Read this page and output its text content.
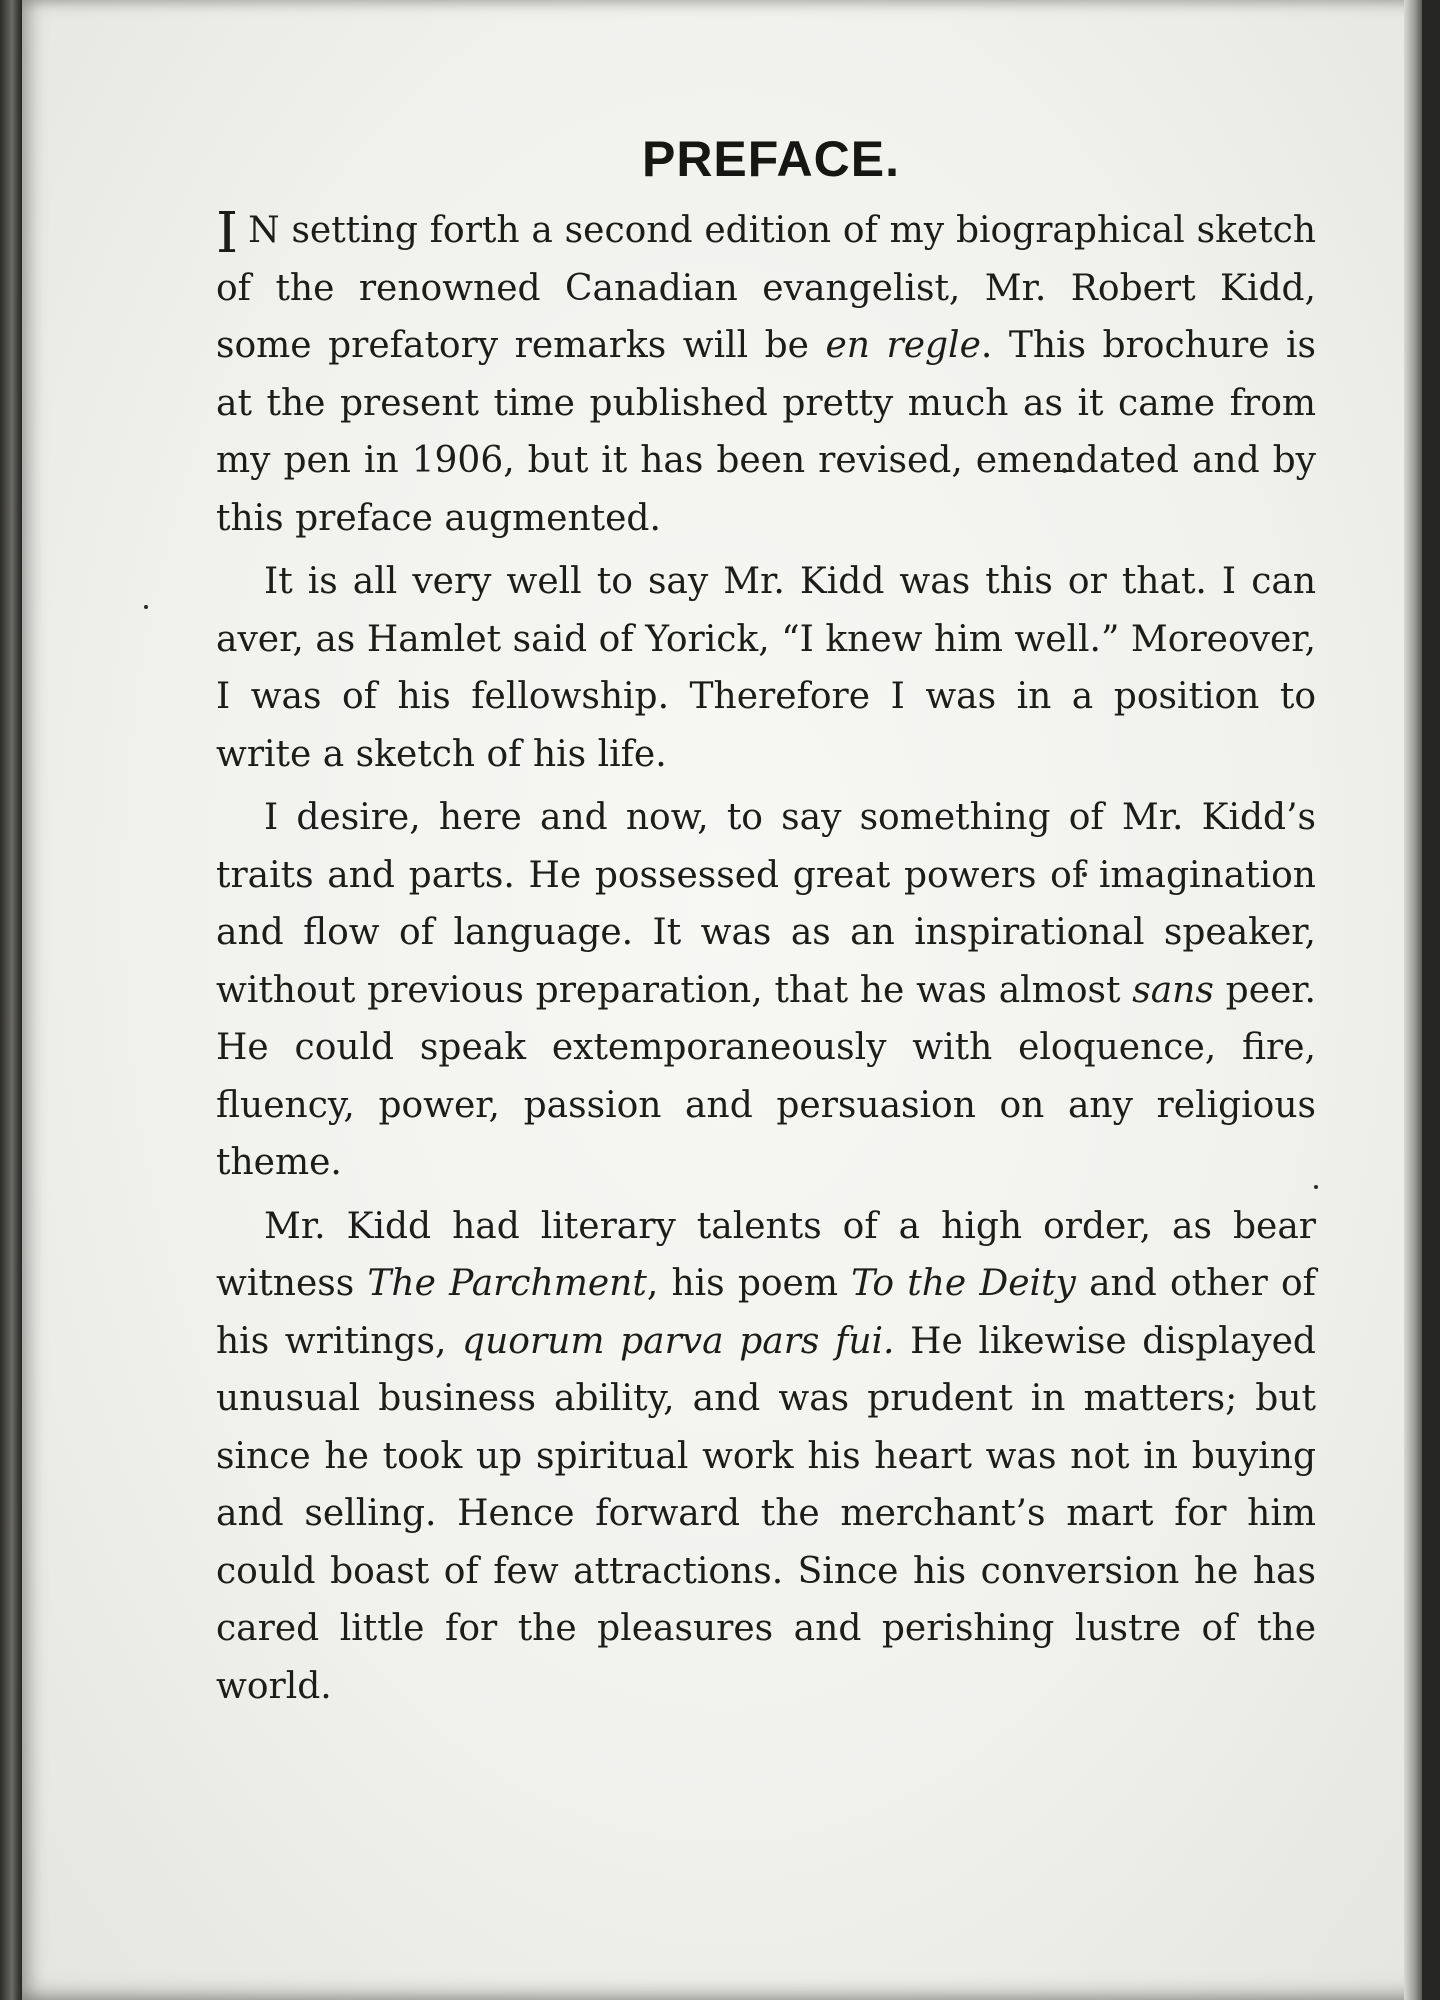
PREFACE.

I N setting forth a second edition of my biographical sketch of the renowned Canadian evangelist, Mr. Robert Kidd, some prefatory remarks will be en regle. This brochure is at the present time published pretty much as it came from my pen in 1906, but it has been revised, emendated and by this preface augmented.

It is all very well to say Mr. Kidd was this or that. I can aver, as Hamlet said of Yorick, “I knew him well.” Moreover, I was of his fellowship. Therefore I was in a position to write a sketch of his life.

I desire, here and now, to say something of Mr. Kidd’s traits and parts. He possessed great powers of imagination and flow of language. It was as an inspirational speaker, without previous preparation, that he was almost sans peer. He could speak extemporaneously with eloquence, fire, fluency, power, passion and persuasion on any religious theme.

Mr. Kidd had literary talents of a high order, as bear witness The Parchment, his poem To the Deity and other of his writings, quorum parva pars fui. He likewise displayed unusual business ability, and was prudent in matters; but since he took up spiritual work his heart was not in buying and selling. Hence forward the merchant’s mart for him could boast of few attractions. Since his conversion he has cared little for the pleasures and perishing lustre of the world.
